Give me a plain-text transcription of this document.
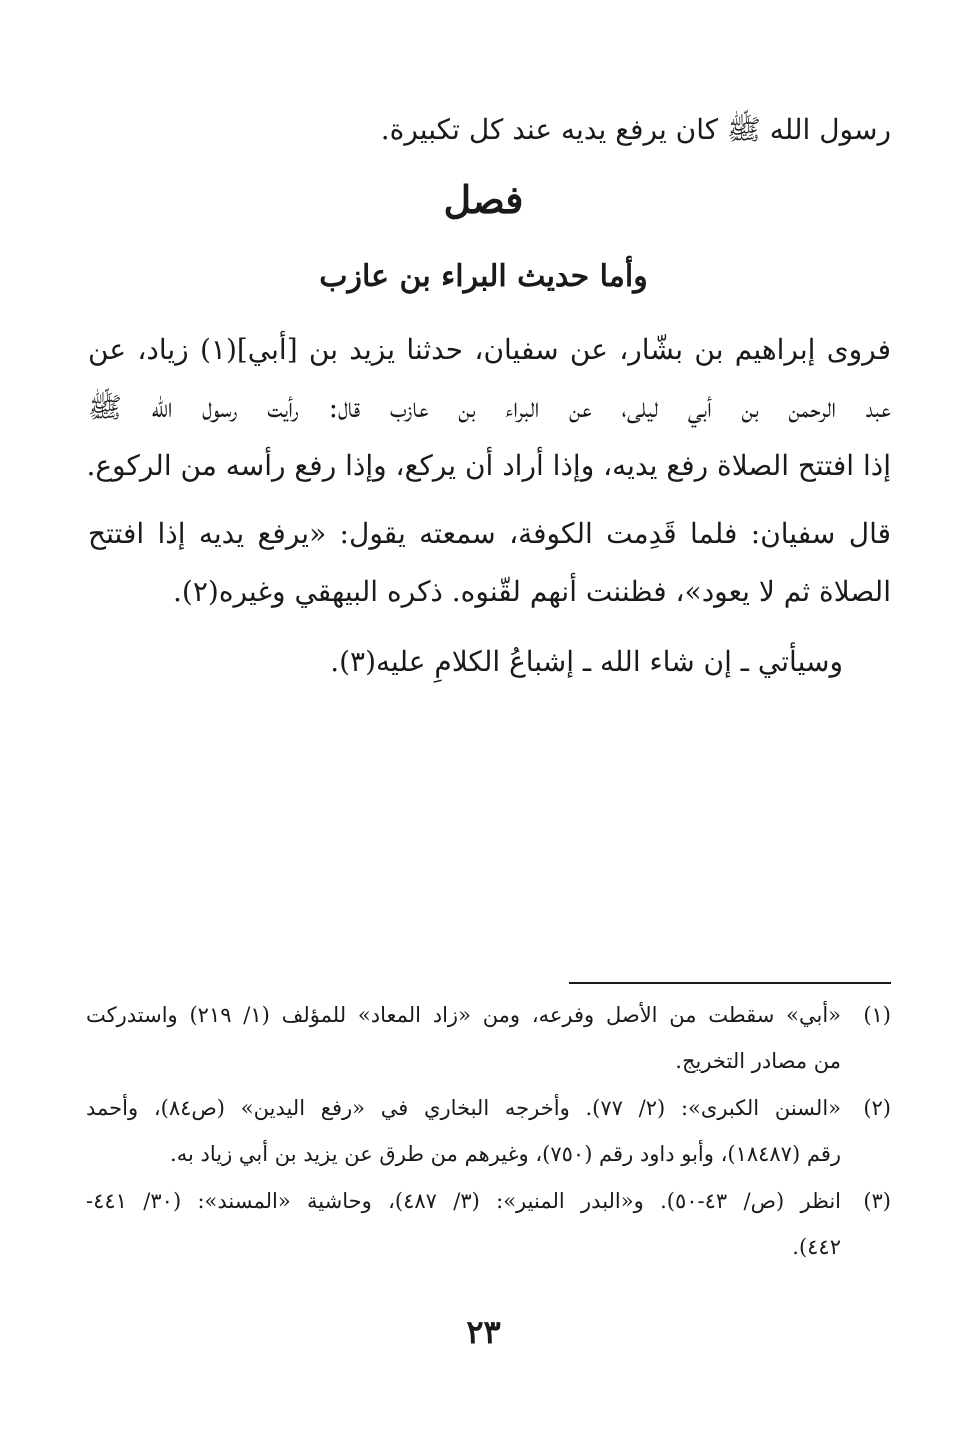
رسول الله ﷺ كان يرفع يديه عند كل تكبيرة.
فصل
وأما حديث البراء بن عازب
فروى إبراهيم بن بشّار، عن سفيان، حدثنا يزيد بن [أبي](١) زياد، عن
عبد الرحمن بن أبي ليلى، عن البراء بن عازب قال: رأيت رسول الله ﷺ
إذا افتتح الصلاة رفع يديه، وإذا أراد أن يركع، وإذا رفع رأسه من الركوع.
قال سفيان: فلما قَدِمت الكوفة، سمعته يقول: «يرفع يديه إذا افتتح
الصلاة ثم لا يعود»، فظننت أنهم لقّنوه. ذكره البيهقي وغيره(٢).
وسيأتي ـ إن شاء الله ـ إشباعُ الكلامِ عليه(٣).
(١)
«أبي» سقطت من الأصل وفرعه، ومن «زاد المعاد» للمؤلف (١/ ٢١٩) واستدركت
من مصادر التخريج.
(٢)
«السنن الكبرى»: (٢/ ٧٧). وأخرجه البخاري في «رفع اليدين» (ص٨٤)، وأحمد
رقم (١٨٤٨٧)، وأبو داود رقم (٧٥٠)، وغيرهم من طرق عن يزيد بن أبي زياد به.
(٣)
انظر (ص/ ٤٣-٥٠). و«البدر المنير»: (٣/ ٤٨٧)، وحاشية «المسند»: (٣٠/ ٤٤١-
٤٤٢).
٢٣
